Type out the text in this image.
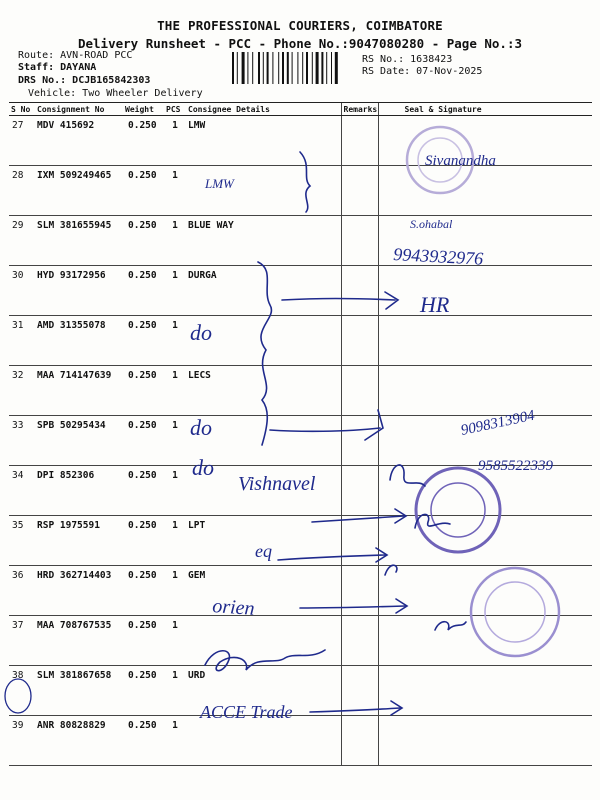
THE PROFESSIONAL COURIERS, COIMBATORE
Delivery Runsheet - PCC - Phone No.:9047080280 - Page No.:3
Route: AVN-ROAD PCC
Staff: DAYANA
DRS No.: DCJB165842303
Vehicle: Two Wheeler Delivery
RS No.: 1638423
RS Date: 07-Nov-2025
S No	Consignment No	Weight	PCS	Consignee Details	Remarks	Seal & Signature
27	MDV 415692	0.250	1	LMW		
28	IXM 509249465	0.250	1			
29	SLM 381655945	0.250	1	BLUE WAY		
30	HYD 93172956	0.250	1	DURGA		
31	AMD 31355078	0.250	1			
32	MAA 714147639	0.250	1	LECS		
33	SPB 50295434	0.250	1			
34	DPI 852306	0.250	1			
35	RSP 1975591	0.250	1	LPT		
36	HRD 362714403	0.250	1	GEM		
37	MAA 708767535	0.250	1			
38	SLM 381867658	0.250	1	URD		
39	ANR 80828829	0.250	1			
LMW
Sivanandha
S.ohabal
9943932976
do
HR
do	9098313904
do
Vishnavel
9585522339
eq
orien
ACCE Trade
